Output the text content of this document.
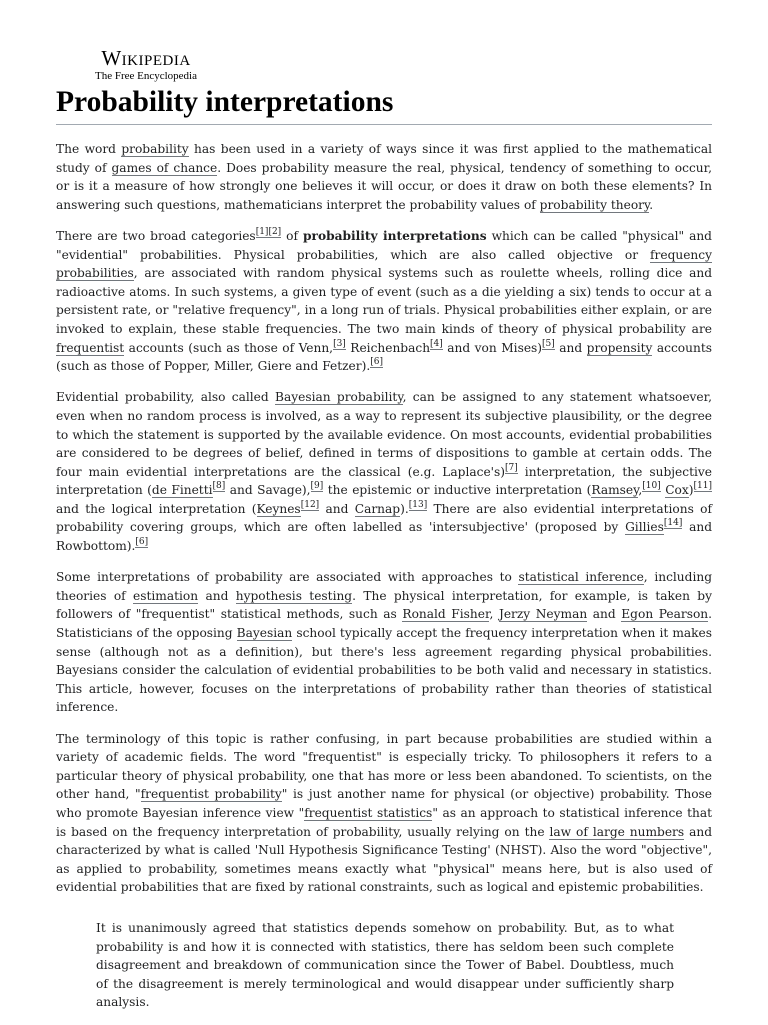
Wikipedia
The Free Encyclopedia
Probability interpretations

The word probability has been used in a variety of ways since it was first applied to the mathematical study of games of chance. Does probability measure the real, physical, tendency of something to occur, or is it a measure of how strongly one believes it will occur, or does it draw on both these elements? In answering such questions, mathematicians interpret the probability values of probability theory.

There are two broad categories[1][2] of probability interpretations which can be called "physical" and "evidential" probabilities. Physical probabilities, which are also called objective or frequency probabilities, are associated with random physical systems such as roulette wheels, rolling dice and radioactive atoms. In such systems, a given type of event (such as a die yielding a six) tends to occur at a persistent rate, or "relative frequency", in a long run of trials. Physical probabilities either explain, or are invoked to explain, these stable frequencies. The two main kinds of theory of physical probability are frequentist accounts (such as those of Venn,[3] Reichenbach[4] and von Mises)[5] and propensity accounts (such as those of Popper, Miller, Giere and Fetzer).[6]

Evidential probability, also called Bayesian probability, can be assigned to any statement whatsoever, even when no random process is involved, as a way to represent its subjective plausibility, or the degree to which the statement is supported by the available evidence. On most accounts, evidential probabilities are considered to be degrees of belief, defined in terms of dispositions to gamble at certain odds. The four main evidential interpretations are the classical (e.g. Laplace's)[7] interpretation, the subjective interpretation (de Finetti[8] and Savage),[9] the epistemic or inductive interpretation (Ramsey,[10] Cox)[11] and the logical interpretation (Keynes[12] and Carnap).[13] There are also evidential interpretations of probability covering groups, which are often labelled as 'intersubjective' (proposed by Gillies[14] and Rowbottom).[6]

Some interpretations of probability are associated with approaches to statistical inference, including theories of estimation and hypothesis testing. The physical interpretation, for example, is taken by followers of "frequentist" statistical methods, such as Ronald Fisher, Jerzy Neyman and Egon Pearson. Statisticians of the opposing Bayesian school typically accept the frequency interpretation when it makes sense (although not as a definition), but there's less agreement regarding physical probabilities. Bayesians consider the calculation of evidential probabilities to be both valid and necessary in statistics. This article, however, focuses on the interpretations of probability rather than theories of statistical inference.

The terminology of this topic is rather confusing, in part because probabilities are studied within a variety of academic fields. The word "frequentist" is especially tricky. To philosophers it refers to a particular theory of physical probability, one that has more or less been abandoned. To scientists, on the other hand, "frequentist probability" is just another name for physical (or objective) probability. Those who promote Bayesian inference view "frequentist statistics" as an approach to statistical inference that is based on the frequency interpretation of probability, usually relying on the law of large numbers and characterized by what is called 'Null Hypothesis Significance Testing' (NHST). Also the word "objective", as applied to probability, sometimes means exactly what "physical" means here, but is also used of evidential probabilities that are fixed by rational constraints, such as logical and epistemic probabilities.

It is unanimously agreed that statistics depends somehow on probability. But, as to what probability is and how it is connected with statistics, there has seldom been such complete disagreement and breakdown of communication since the Tower of Babel. Doubtless, much of the disagreement is merely terminological and would disappear under sufficiently sharp analysis.
